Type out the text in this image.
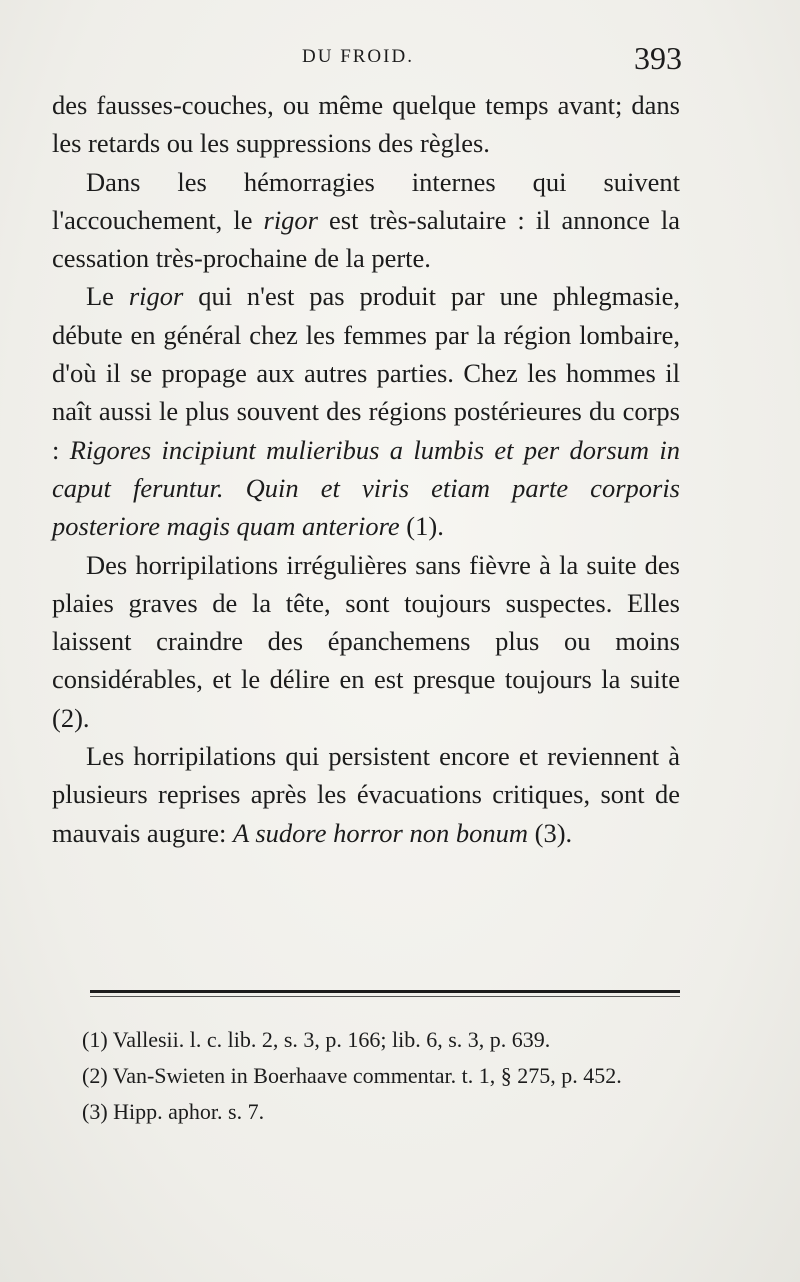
DU FROID.	393

des fausses-couches, ou même quelque temps avant; dans les retards ou les suppressions des règles.

Dans les hémorragies internes qui suivent l'accouchement, le rigor est très-salutaire : il annonce la cessation très-prochaine de la perte.

Le rigor qui n'est pas produit par une phlegmasie, débute en général chez les femmes par la région lombaire, d'où il se propage aux autres parties. Chez les hommes il naît aussi le plus souvent des régions postérieures du corps : Rigores incipiunt mulieribus a lumbis et per dorsum in caput feruntur. Quin et viris etiam parte corporis posteriore magis quam anteriore (1).

Des horripilations irrégulières sans fièvre à la suite des plaies graves de la tête, sont toujours suspectes. Elles laissent craindre des épanchemens plus ou moins considérables, et le délire en est presque toujours la suite (2).

Les horripilations qui persistent encore et reviennent à plusieurs reprises après les évacuations critiques, sont de mauvais augure: A sudore horror non bonum (3).

(1) Vallesii. l. c. lib. 2, s. 3, p. 166; lib. 6, s. 3, p. 639.

(2) Van-Swieten in Boerhaave commentar. t. 1, § 275, p. 452.

(3) Hipp. aphor. s. 7.
